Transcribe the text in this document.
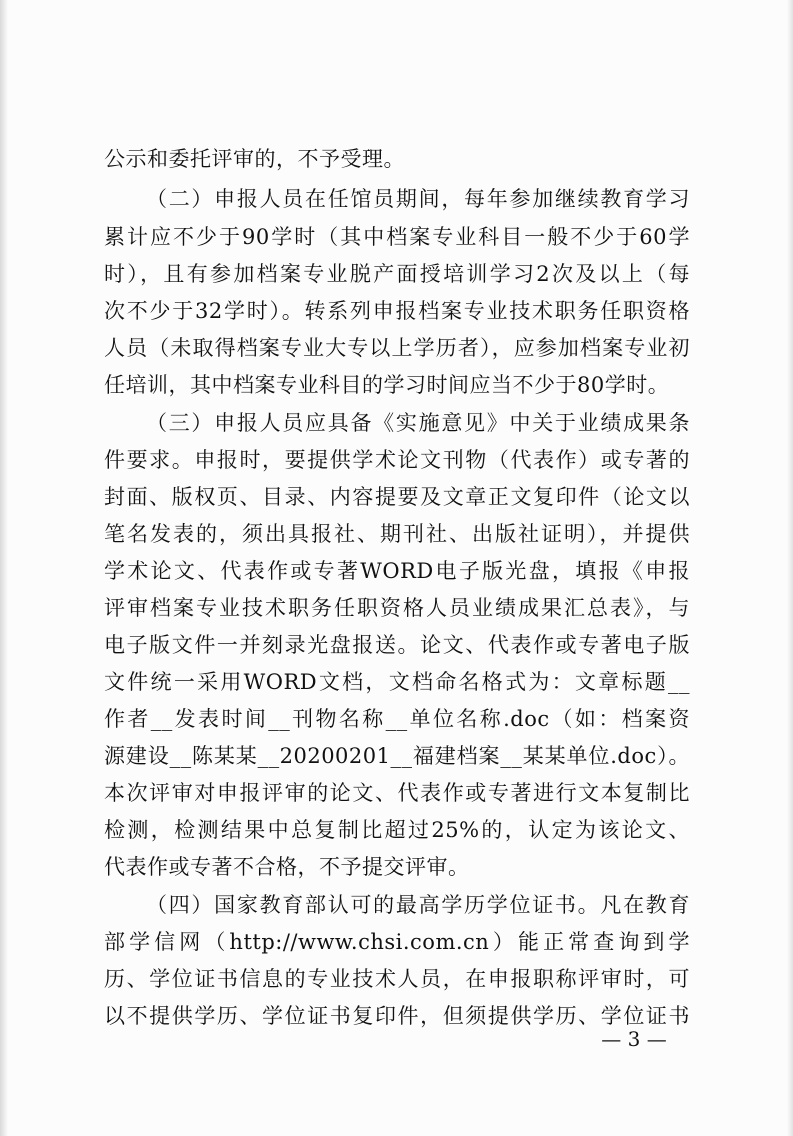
公示和委托评审的，不予受理。
（二）申报人员在任馆员期间，每年参加继续教育学习
累计应不少于90学时（其中档案专业科目一般不少于60学
时），且有参加档案专业脱产面授培训学习2次及以上（每
次不少于32学时）。转系列申报档案专业技术职务任职资格
人员（未取得档案专业大专以上学历者），应参加档案专业初
任培训，其中档案专业科目的学习时间应当不少于80学时。
（三）申报人员应具备《实施意见》中关于业绩成果条
件要求。申报时，要提供学术论文刊物（代表作）或专著的
封面、版权页、目录、内容提要及文章正文复印件（论文以
笔名发表的，须出具报社、期刊社、出版社证明），并提供
学术论文、代表作或专著WORD电子版光盘，填报《申报
评审档案专业技术职务任职资格人员业绩成果汇总表》，与
电子版文件一并刻录光盘报送。论文、代表作或专著电子版
文件统一采用WORD文档，文档命名格式为：文章标题__
作者__发表时间__刊物名称__单位名称.doc（如：档案资
源建设__陈某某__20200201__福建档案__某某单位.doc）。
本次评审对申报评审的论文、代表作或专著进行文本复制比
检测，检测结果中总复制比超过25%的，认定为该论文、
代表作或专著不合格，不予提交评审。
（四）国家教育部认可的最高学历学位证书。凡在教育
部学信网（http://www.chsi.com.cn）能正常查询到学
历、学位证书信息的专业技术人员，在申报职称评审时，可
以不提供学历、学位证书复印件，但须提供学历、学位证书
— 3 —
